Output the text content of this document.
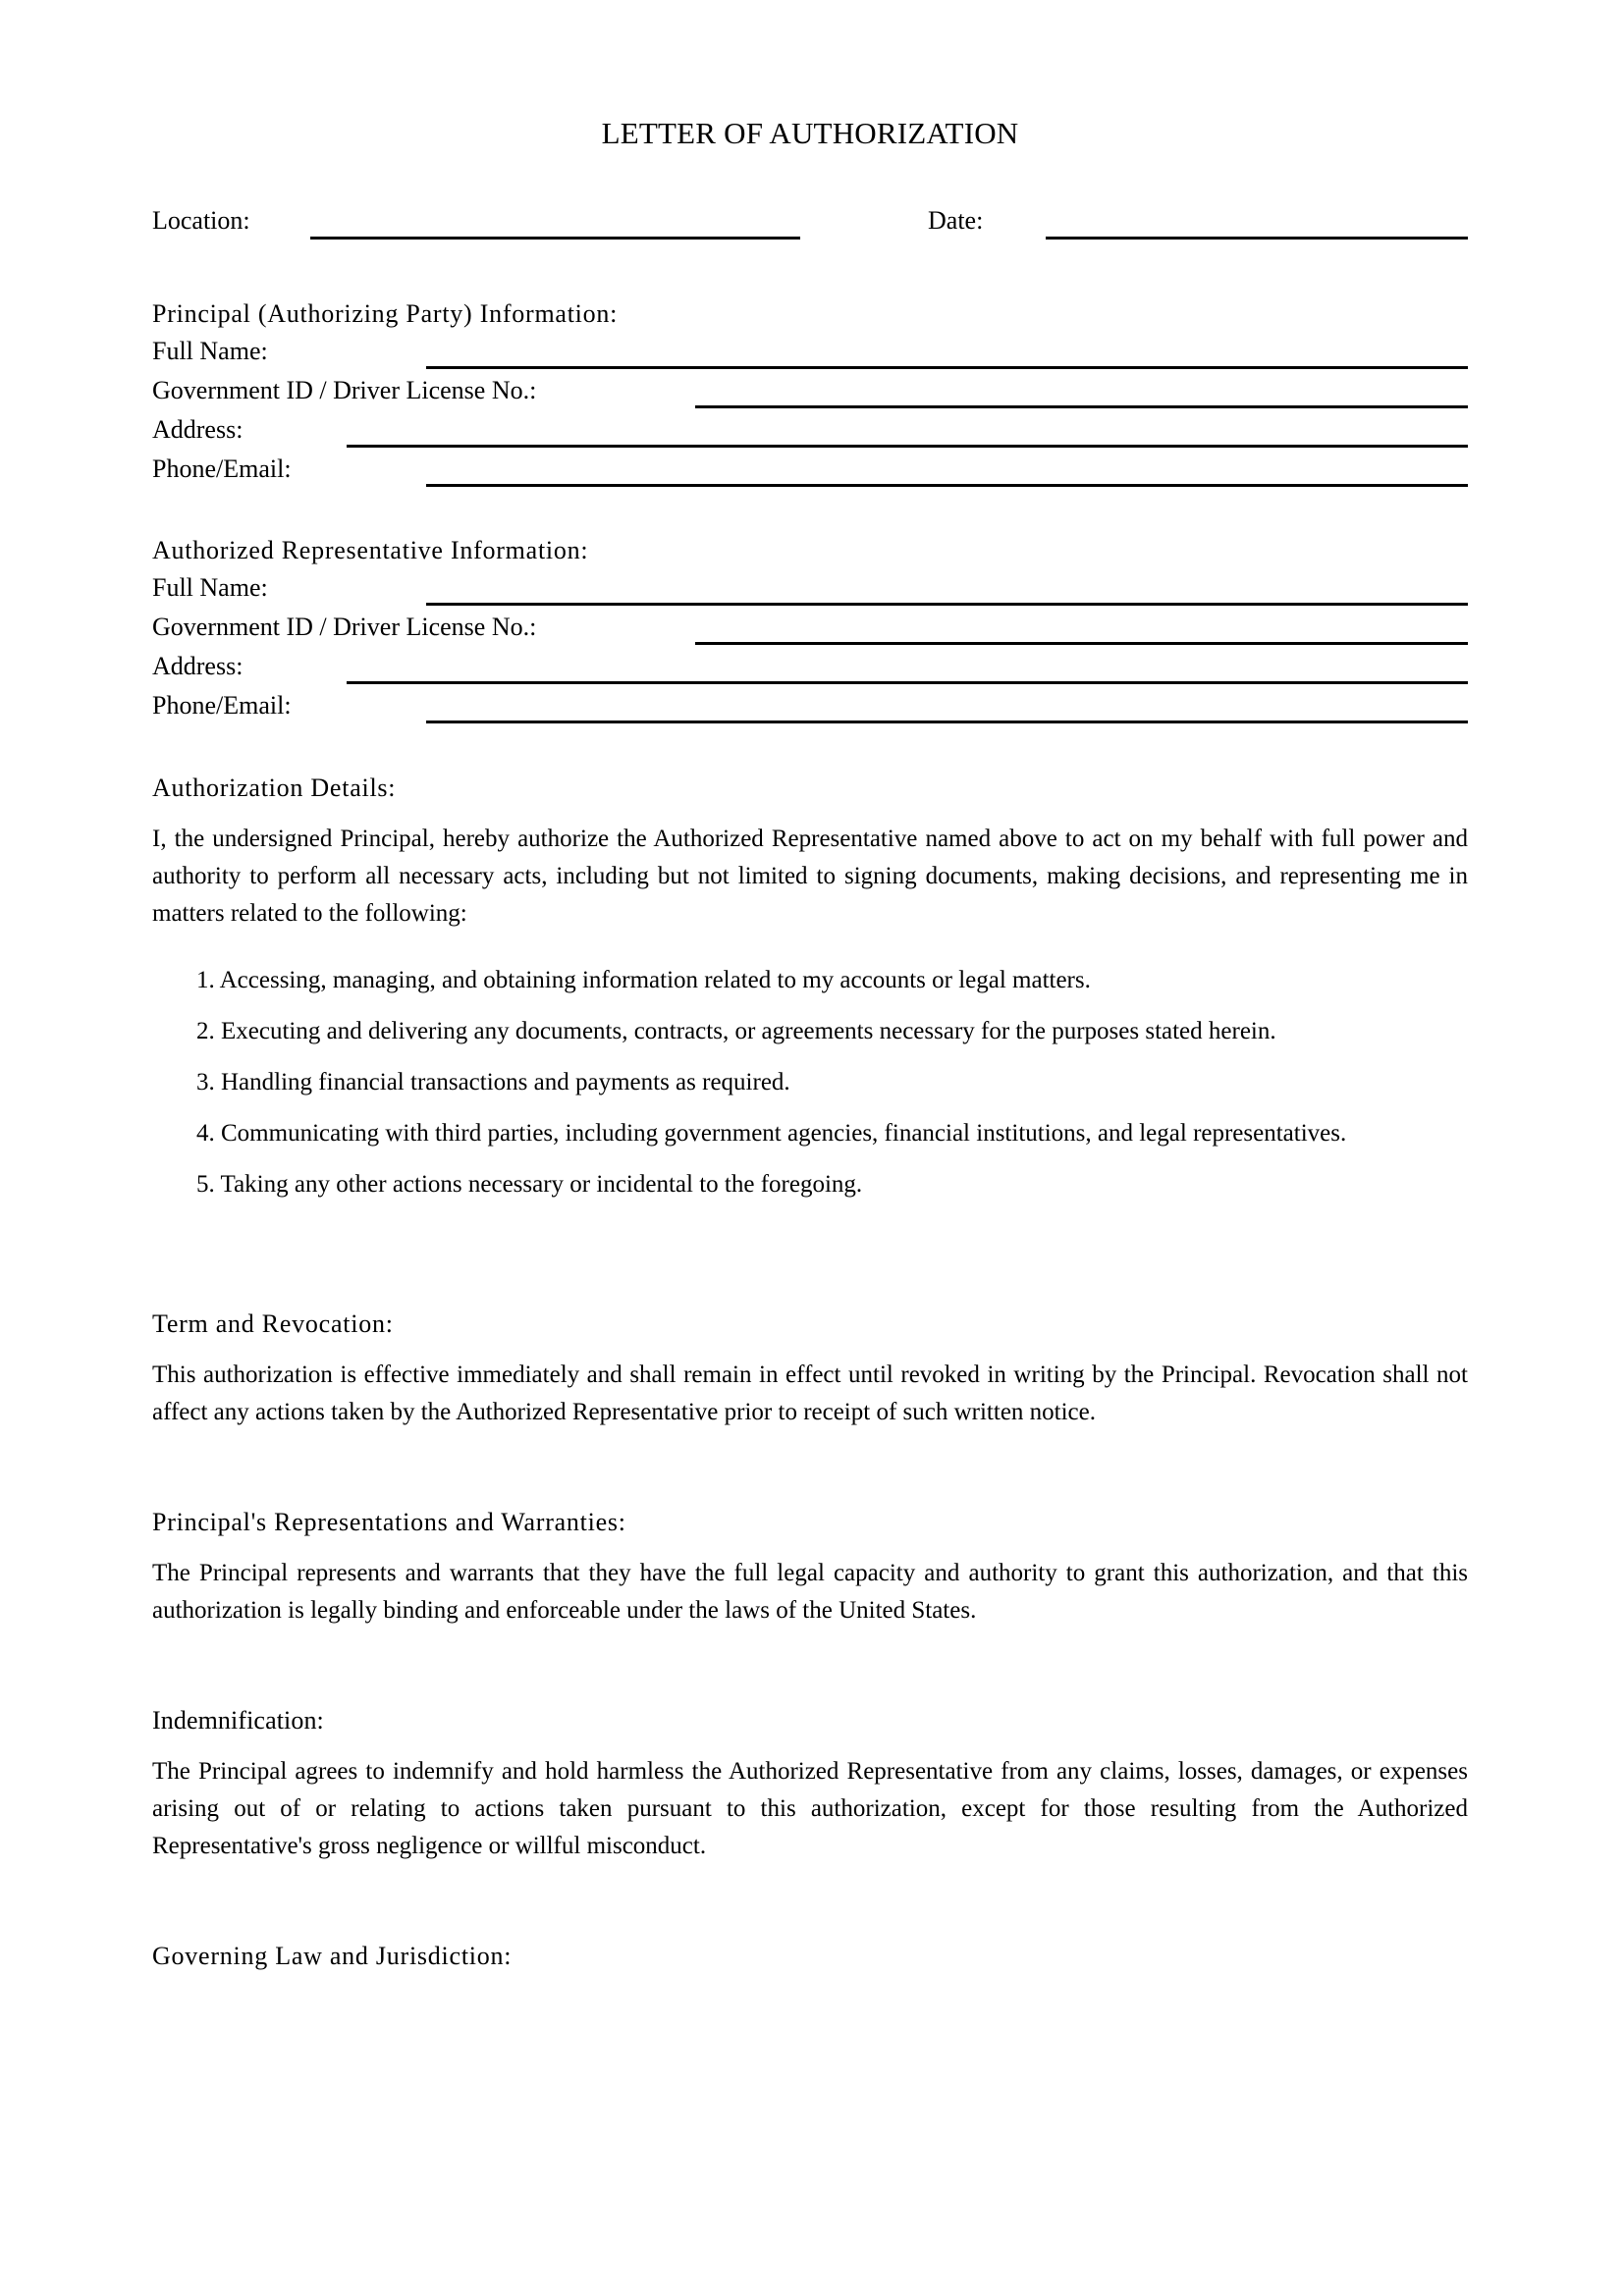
LETTER OF AUTHORIZATION
Location:	Date:
Principal (Authorizing Party) Information:
Full Name:
Government ID / Driver License No.:
Address:
Phone/Email:
Authorized Representative Information:
Full Name:
Government ID / Driver License No.:
Address:
Phone/Email:
Authorization Details:

I, the undersigned Principal, hereby authorize the Authorized Representative named above to act on my behalf with full power and authority to perform all necessary acts, including but not limited to signing documents, making decisions, and representing me in matters related to the following:

1. Accessing, managing, and obtaining information related to my accounts or legal matters.
2. Executing and delivering any documents, contracts, or agreements necessary for the purposes stated herein.
3. Handling financial transactions and payments as required.
4. Communicating with third parties, including government agencies, financial institutions, and legal representatives.
5. Taking any other actions necessary or incidental to the foregoing.
Term and Revocation:

This authorization is effective immediately and shall remain in effect until revoked in writing by the Principal. Revocation shall not affect any actions taken by the Authorized Representative prior to receipt of such written notice.

Principal's Representations and Warranties:

The Principal represents and warrants that they have the full legal capacity and authority to grant this authorization, and that this authorization is legally binding and enforceable under the laws of the United States.

Indemnification:

The Principal agrees to indemnify and hold harmless the Authorized Representative from any claims, losses, damages, or expenses arising out of or relating to actions taken pursuant to this authorization, except for those resulting from the Authorized Representative's gross negligence or willful misconduct.

Governing Law and Jurisdiction:
